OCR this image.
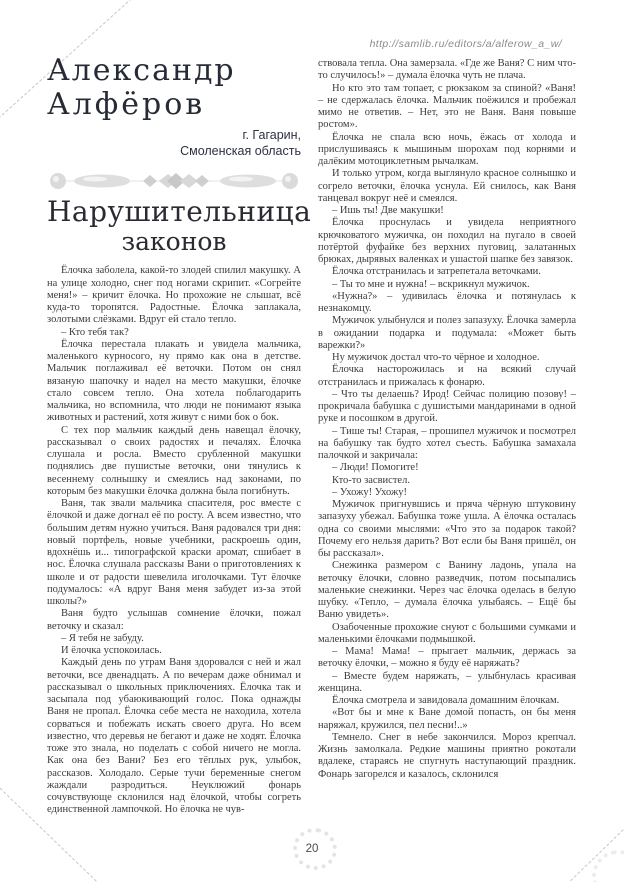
http://samlib.ru/editors/a/alferow_a_w/
Александр
Алфёров
г. Гагарин,
Смоленская область
Нарушительница
законов

Ёлочка заболела, какой-то злодей спилил макушку. А на улице холодно, снег под ногами скрипит. «Согрейте меня!» – кричит ёлочка. Но прохожие не слышат, всё куда-то торопятся. Радостные. Ёлочка заплакала, золотыми слёзками. Вдруг ей стало тепло.

– Кто тебя так?

Ёлочка перестала плакать и увидела мальчика, маленького курносого, ну прямо как она в детстве. Мальчик поглаживал её веточки. Потом он снял вязаную шапочку и надел на место макушки, ёлочке стало совсем тепло. Она хотела поблагодарить мальчика, но вспомнила, что люди не понимают языка животных и растений, хотя живут с ними бок о бок.

С тех пор мальчик каждый день навещал ёлочку, рассказывал о своих радостях и печалях. Ёлочка слушала и росла. Вместо срубленной макушки поднялись две пушистые веточки, они тянулись к весеннему солнышку и смеялись над законами, по которым без макушки ёлочка должна была погибнуть.

Ваня, так звали мальчика спасителя, рос вместе с ёлочкой и даже догнал её по росту. А всем известно, что большим детям нужно учиться. Ваня радовался три дня: новый портфель, новые учебники, раскроешь один, вдохнёшь и... типографской краски аромат, сшибает в нос. Ёлочка слушала рассказы Вани о приготовлениях к школе и от радости шевелила иголочками. Тут ёлочке подумалось: «А вдруг Ваня меня забудет из-за этой школы?»

Ваня будто услышав сомнение ёлочки, пожал веточку и сказал:

– Я тебя не забуду.

И ёлочка успокоилась.

Каждый день по утрам Ваня здоровался с ней и жал веточки, все двенадцать. А по вечерам даже обнимал и рассказывал о школьных приключениях. Ёлочка так и засыпала под убаюкивающий голос. Пока однажды Ваня не пропал. Ёлочка себе места не находила, хотела сорваться и побежать искать своего друга. Но всем известно, что деревья не бегают и даже не ходят. Ёлочка тоже это знала, но поделать с собой ничего не могла. Как она без Вани? Без его тёплых рук, улыбок, рассказов. Холодало. Серые тучи беременные снегом жаждали разродиться. Неуклюжий фонарь сочувствующе склонился над ёлочкой, чтобы согреть единственной лампочкой. Но ёлочка не чув-

ствовала тепла. Она замерзала. «Где же Ваня? С ним что-то случилось!» – думала ёлочка чуть не плача.

Но кто это там топает, с рюкзаком за спиной? «Ваня! – не сдержалась ёлочка. Мальчик поёжился и пробежал мимо не ответив. – Нет, это не Ваня. Ваня повыше ростом».

Ёлочка не спала всю ночь, ёжась от холода и прислушиваясь к мышиным шорохам под корнями и далёким мотоциклетным рычалкам.

И только утром, когда выглянуло красное солнышко и согрело веточки, ёлочка уснула. Ей снилось, как Ваня танцевал вокруг неё и смеялся.

– Ишь ты! Две макушки!

Ёлочка проснулась и увидела неприятного крючковатого мужичка, он походил на пугало в своей потёртой фуфайке без верхних пуговиц, залатанных брюках, дырявых валенках и ушастой шапке без завязок.

Ёлочка отстранилась и затрепетала веточками.

– Ты то мне и нужна! – вскрикнул мужичок.

«Нужна?» – удивилась ёлочка и потянулась к незнакомцу.

Мужичок улыбнулся и полез запазуху. Ёлочка замерла в ожидании подарка и подумала: «Может быть варежки?»

Ну мужичок достал что-то чёрное и холодное.

Ёлочка насторожилась и на всякий случай отстранилась и прижалась к фонарю.

– Что ты делаешь? Ирод! Сейчас полицию позову! – прокричала бабушка с душистыми мандаринами в одной руке и посошком в другой.

– Тише ты! Старая, – прошипел мужичок и посмотрел на бабушку так будто хотел съесть. Бабушка замахала палочкой и закричала:

– Люди! Помогите!

Кто-то засвистел.

– Ухожу! Ухожу!

Мужичок пригнувшись и пряча чёрную штуковину запазуху убежал. Бабушка тоже ушла. А ёлочка осталась одна со своими мыслями: «Что это за подарок такой? Почему его нельзя дарить? Вот если бы Ваня пришёл, он бы рассказал».

Снежинка размером с Ванину ладонь, упала на веточку ёлочки, словно разведчик, потом посыпались маленькие снежинки. Через час ёлочка оделась в белую шубку. «Тепло, – думала ёлочка улыбаясь. – Ещё бы Ваню увидеть».

Озабоченные прохожие снуют с большими сумками и маленькими ёлочками подмышкой.

– Мама! Мама! – прыгает мальчик, держась за веточку ёлочки, – можно я буду её наряжать?

– Вместе будем наряжать, – улыбнулась красивая женщина.

Ёлочка смотрела и завидовала домашним ёлочкам.

«Вот бы и мне к Ване домой попасть, он бы меня наряжал, кружился, пел песни!..»

Темнело. Снег в небе закончился. Мороз крепчал. Жизнь замолкала. Редкие машины приятно рокотали вдалеке, стараясь не спугнуть наступающий праздник. Фонарь загорелся и казалось, склонился

20
